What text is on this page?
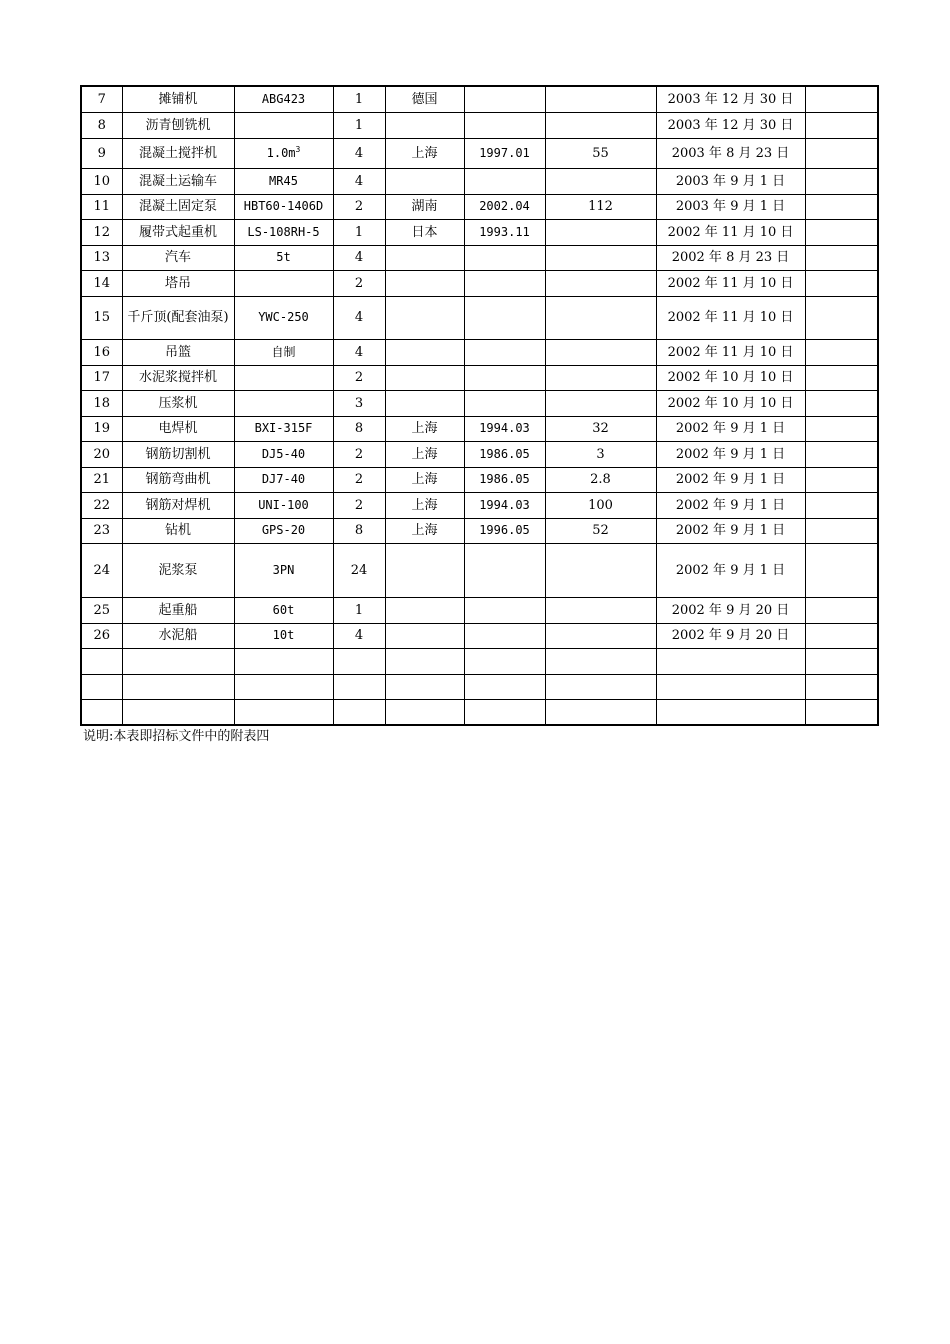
7	摊铺机	ABG423	1	德国			2003 年 12 月 30 日	
8	沥青刨铣机		1				2003 年 12 月 30 日	
9	混凝土搅拌机	$1.0m^3$	4	上海	1997.01	55	2003 年 8 月 23 日	
10	混凝土运输车	MR45	4				2003 年 9 月 1 日	
11	混凝土固定泵	HBT60-1406D	2	湖南	2002.04	112	2003 年 9 月 1 日	
12	履带式起重机	LS-108RH-5	1	日本	1993.11		2002 年 11 月 10 日	
13	汽车	5t	4				2002 年 8 月 23 日	
14	塔吊		2				2002 年 11 月 10 日	
15	千斤顶(配套油泵)	YWC-250	4				2002 年 11 月 10 日	
16	吊篮	自制	4				2002 年 11 月 10 日	
17	水泥浆搅拌机		2				2002 年 10 月 10 日	
18	压浆机		3				2002 年 10 月 10 日	
19	电焊机	BXI-315F	8	上海	1994.03	32	2002 年 9 月 1 日	
20	钢筋切割机	DJ5-40	2	上海	1986.05	3	2002 年 9 月 1 日	
21	钢筋弯曲机	DJ7-40	2	上海	1986.05	2.8	2002 年 9 月 1 日	
22	钢筋对焊机	UNI-100	2	上海	1994.03	100	2002 年 9 月 1 日	
23	钻机	GPS-20	8	上海	1996.05	52	2002 年 9 月 1 日	
24	泥浆泵	3PN	24				2002 年 9 月 1 日	
25	起重船	60t	1				2002 年 9 月 20 日	
26	水泥船	10t	4				2002 年 9 月 20 日	

说明:本表即招标文件中的附表四
